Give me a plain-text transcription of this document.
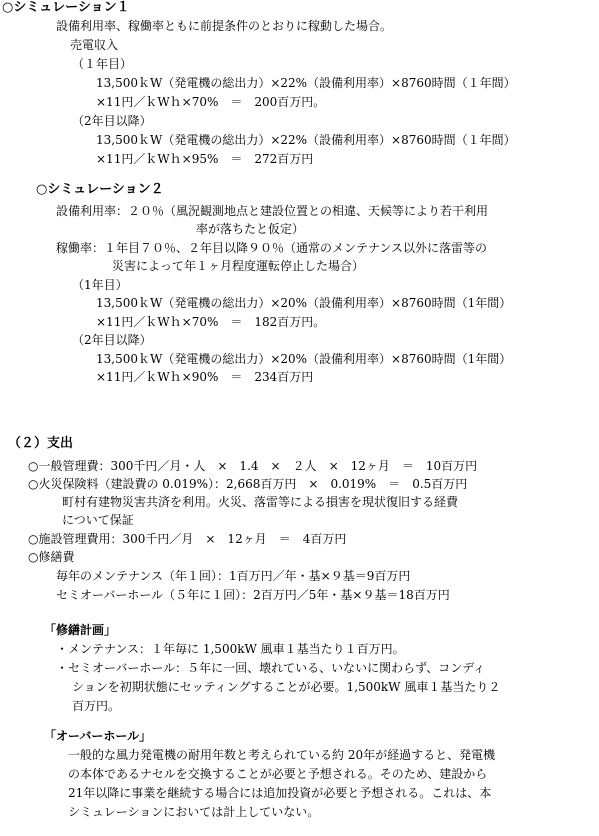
○シミュレーション１
設備利用率、稼働率ともに前提条件のとおりに稼動した場合。
売電収入
（１年目）
13,500ｋW（発電機の総出力）×22%（設備利用率）×8760時間（１年間）
×11円／ｋWｈ×70%　＝　200百万円。
（2年目以降）
13,500ｋW（発電機の総出力）×22%（設備利用率）×8760時間（１年間）
×11円／ｋWｈ×95%　＝　272百万円
○シミュレーション２
設備利用率：２０％（風況観測地点と建設位置との相違、天候等により若干利用
率が落ちたと仮定）
稼働率：１年目７０％、２年目以降９０％（通常のメンテナンス以外に落雷等の
災害によって年１ヶ月程度運転停止した場合）
（1年目）
13,500ｋW（発電機の総出力）×20%（設備利用率）×8760時間（1年間）
×11円／ｋWｈ×70%　＝　182百万円。
（2年目以降）
13,500ｋW（発電機の総出力）×20%（設備利用率）×8760時間（1年間）
×11円／ｋWｈ×90%　＝　234百万円
（２）支出
○一般管理費：300千円／月・人　×　1.4　×　２人　×　12ヶ月　＝　10百万円
○火災保険料（建設費の 0.019%）：2,668百万円　×　0.019%　＝　0.5百万円
町村有建物災害共済を利用。火災、落雷等による損害を現状復旧する経費
について保証
○施設管理費用：300千円／月　×　12ヶ月　＝　4百万円
○修繕費
毎年のメンテナンス（年１回）：1百万円／年・基×９基＝9百万円
セミオーバーホール（５年に１回）：2百万円／5年・基×９基＝18百万円
「修繕計画」
・メンテナンス：１年毎に 1,500kW 風車１基当たり１百万円。
・セミオーバーホール：５年に一回、壊れている、いないに関わらず、コンディ
ションを初期状態にセッティングすることが必要。1,500kW 風車１基当たり２
百万円。
「オーバーホール」
一般的な風力発電機の耐用年数と考えられている約 20年が経過すると、発電機
の本体であるナセルを交換することが必要と予想される。そのため、建設から
21年以降に事業を継続する場合には追加投資が必要と予想される。これは、本
シミュレーションにおいては計上していない。
